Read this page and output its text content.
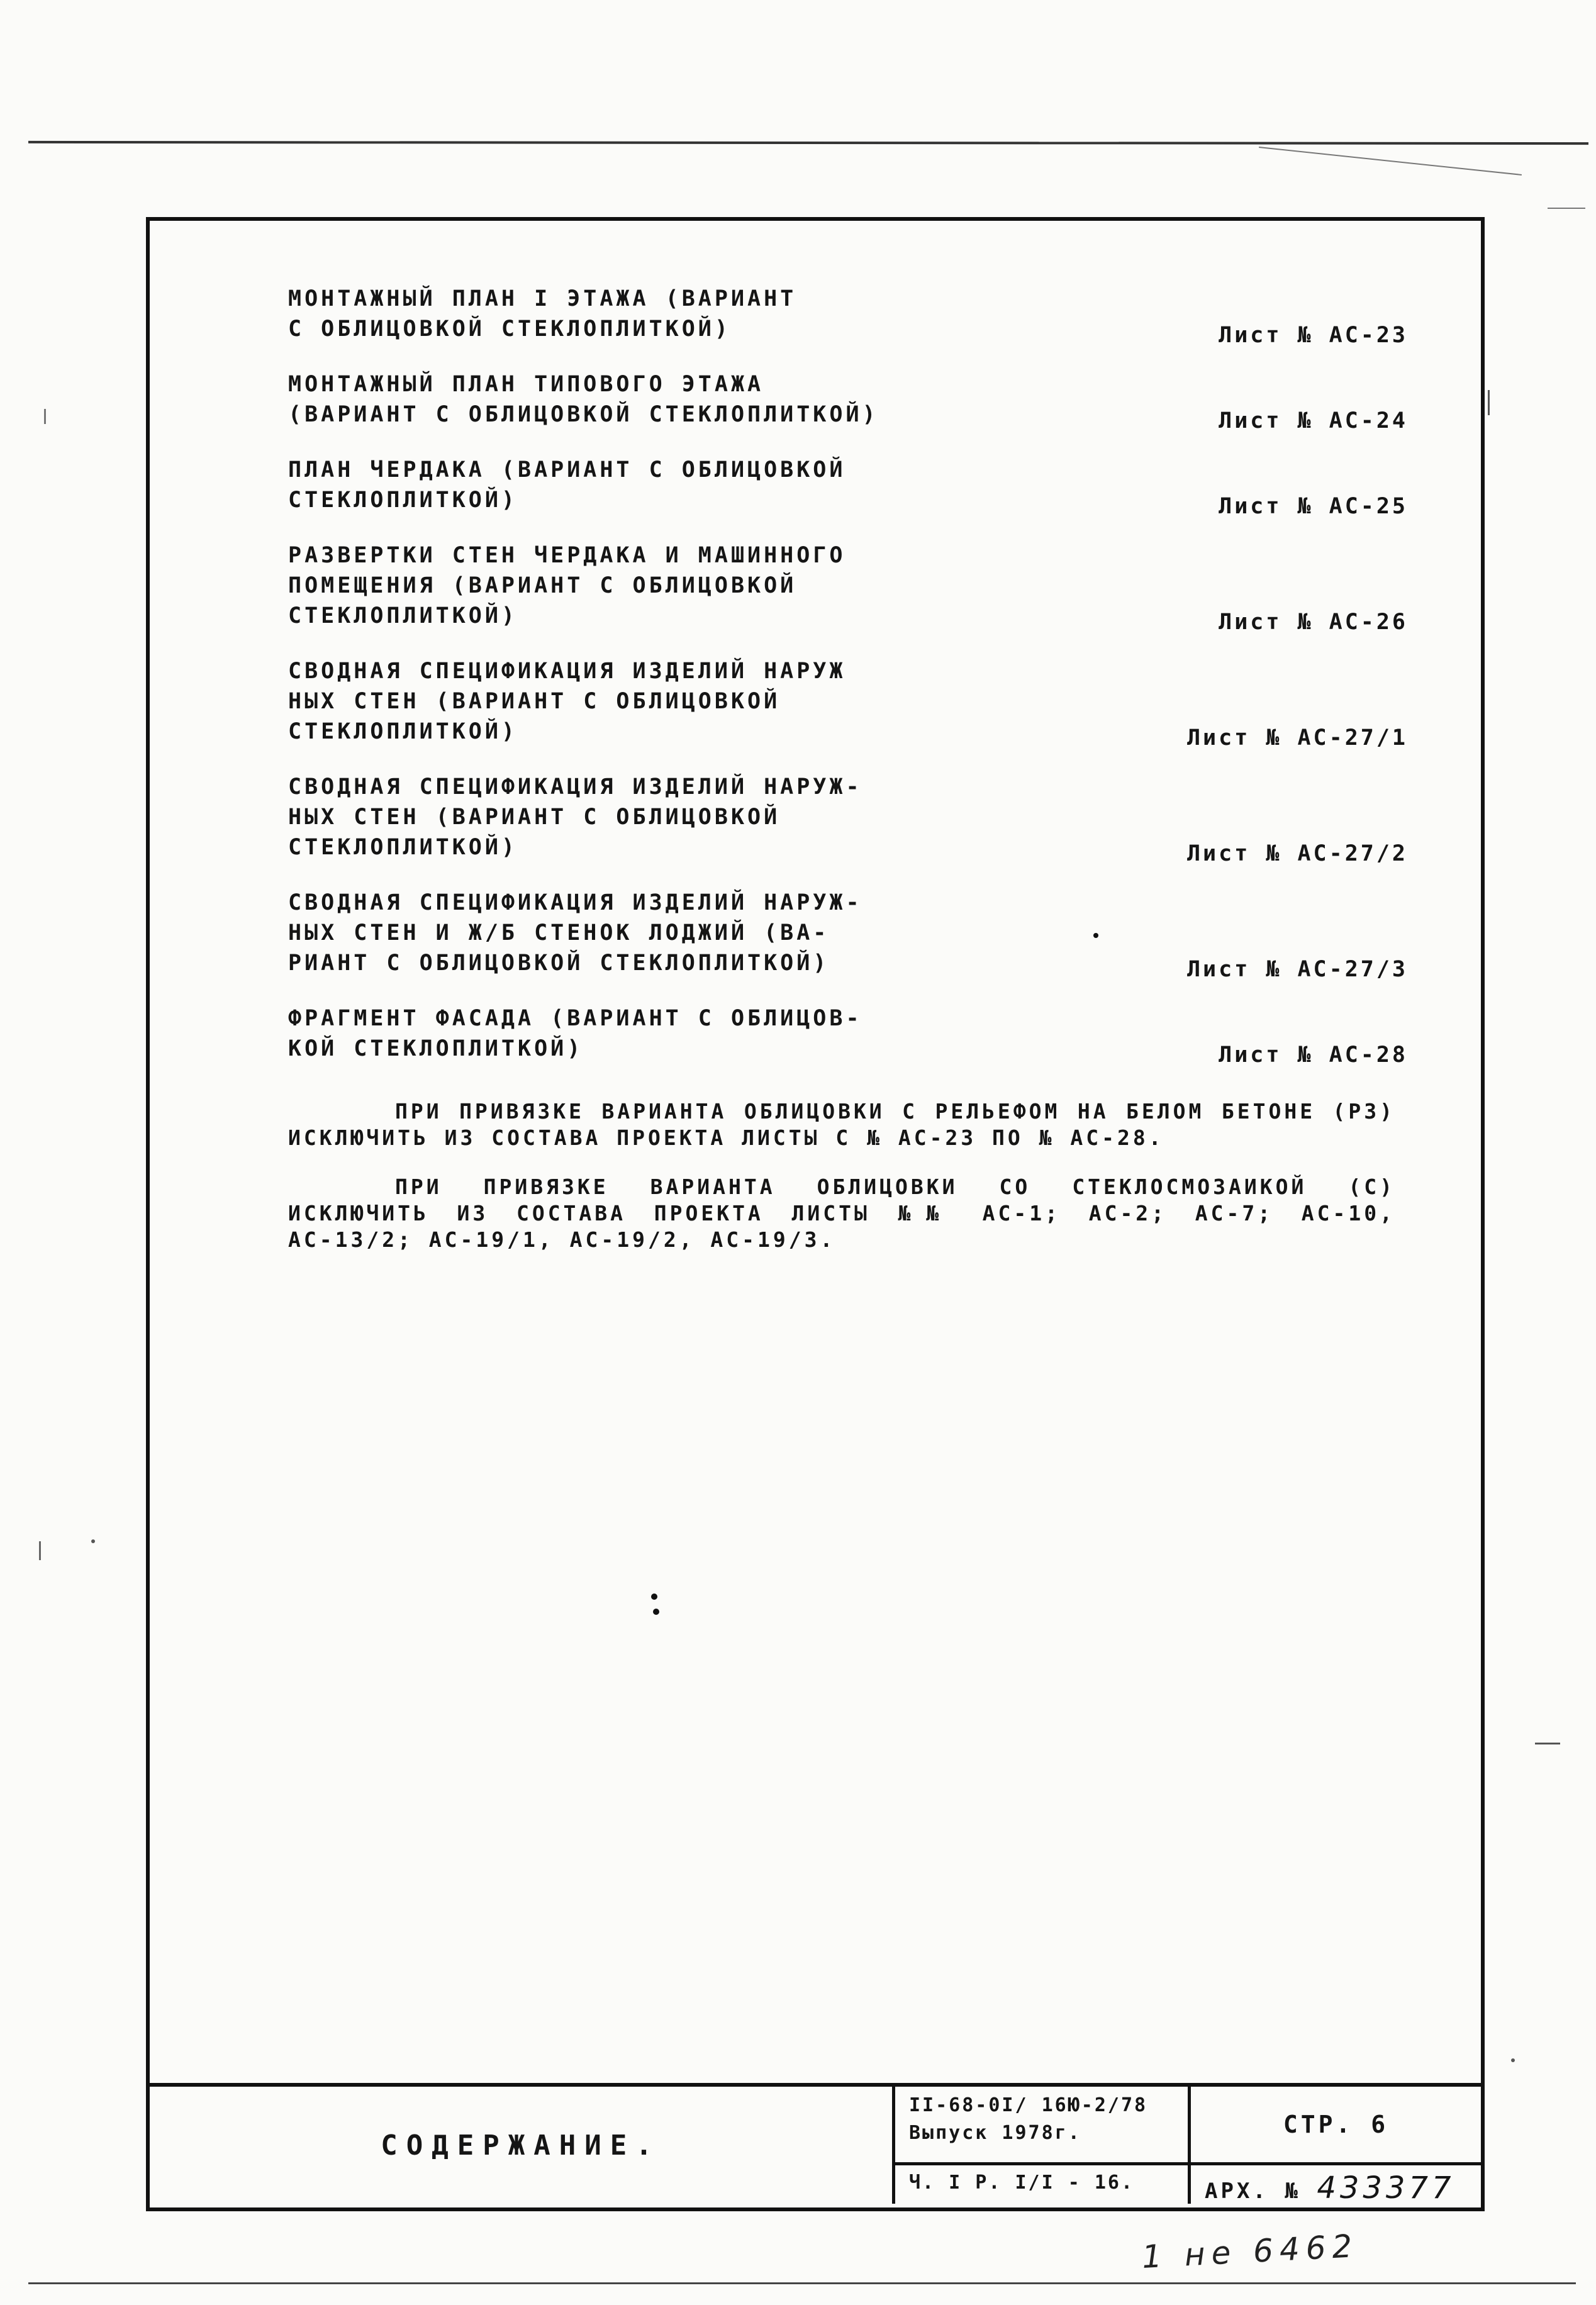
МОНТАЖНЫЙ ПЛАН I ЭТАЖА (ВАРИАНТ
С ОБЛИЦОВКОЙ СТЕКЛОПЛИТКОЙ)	Лист № АС-23
МОНТАЖНЫЙ ПЛАН ТИПОВОГО ЭТАЖА
(ВАРИАНТ С ОБЛИЦОВКОЙ СТЕКЛОПЛИТКОЙ)	Лист № АС-24
ПЛАН ЧЕРДАКА (ВАРИАНТ С ОБЛИЦОВКОЙ
СТЕКЛОПЛИТКОЙ)	Лист № АС-25
РАЗВЕРТКИ СТЕН ЧЕРДАКА И МАШИННОГО
ПОМЕЩЕНИЯ (ВАРИАНТ С ОБЛИЦОВКОЙ
СТЕКЛОПЛИТКОЙ)	Лист № АС-26
СВОДНАЯ СПЕЦИФИКАЦИЯ ИЗДЕЛИЙ НАРУЖ
НЫХ СТЕН (ВАРИАНТ С ОБЛИЦОВКОЙ
СТЕКЛОПЛИТКОЙ)	Лист № АС-27/1
СВОДНАЯ СПЕЦИФИКАЦИЯ ИЗДЕЛИЙ НАРУЖ-
НЫХ СТЕН (ВАРИАНТ С ОБЛИЦОВКОЙ
СТЕКЛОПЛИТКОЙ)	Лист № АС-27/2
СВОДНАЯ СПЕЦИФИКАЦИЯ ИЗДЕЛИЙ НАРУЖ-
НЫХ СТЕН И Ж/Б СТЕНОК ЛОДЖИЙ (ВА-
РИАНТ С ОБЛИЦОВКОЙ СТЕКЛОПЛИТКОЙ)	Лист № АС-27/3
ФРАГМЕНТ ФАСАДА (ВАРИАНТ С ОБЛИЦОВ-
КОЙ СТЕКЛОПЛИТКОЙ)	Лист № АС-28
ПРИ ПРИВЯЗКЕ ВАРИАНТА ОБЛИЦОВКИ С РЕЛЬЕФОМ НА БЕЛОМ БЕТОНЕ (РЗ) ИСКЛЮЧИТЬ ИЗ СОСТАВА ПРОЕКТА ЛИСТЫ С № АС-23 ПО № АС-28.
ПРИ ПРИВЯЗКЕ ВАРИАНТА ОБЛИЦОВКИ СО СТЕКЛОСМОЗАИКОЙ (С) ИСКЛЮЧИТЬ ИЗ СОСТАВА ПРОЕКТА ЛИСТЫ №№ АС-1; АС-2; АС-7; АС-10, АС-13/2; АС-19/1, АС-19/2, АС-19/3.
СОДЕРЖАНИЕ.
II-68-0I/ 16Ю-2/78
Выпуск 1978г.
Ч. I Р. I/I - 16.
СТР. 6
АРХ. № 433377
1 не 6462
